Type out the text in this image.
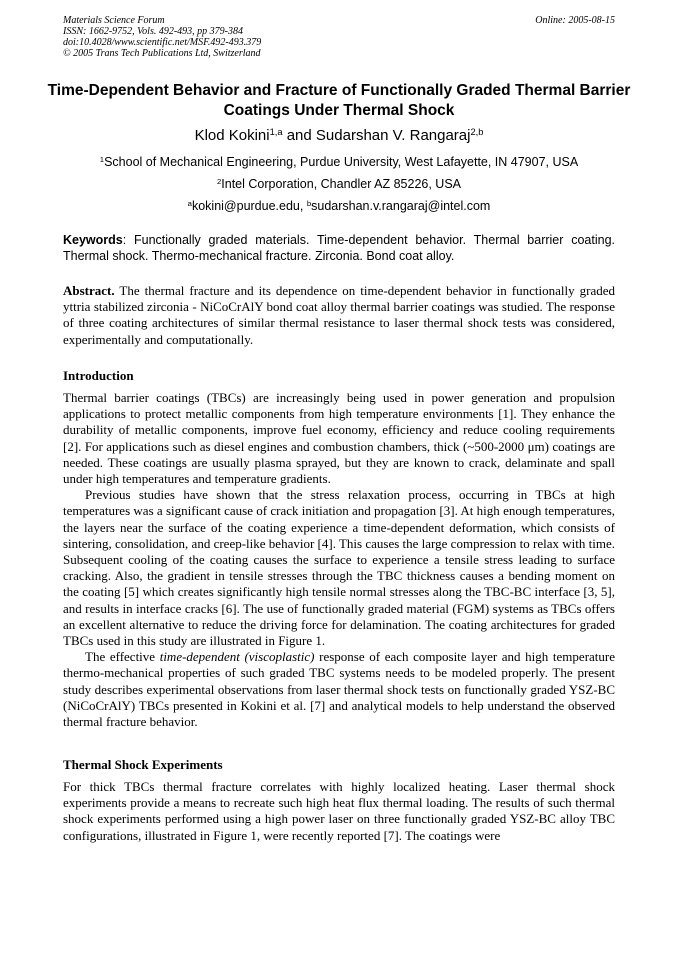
Materials Science Forum
ISSN: 1662-9752, Vols. 492-493, pp 379-384
doi:10.4028/www.scientific.net/MSF.492-493.379
© 2005 Trans Tech Publications Ltd, Switzerland
Online: 2005-08-15
Time-Dependent Behavior and Fracture of Functionally Graded Thermal Barrier Coatings Under Thermal Shock
Klod Kokini$^{1,a}$ and Sudarshan V. Rangaraj$^{2,b}$
$^1$School of Mechanical Engineering, Purdue University, West Lafayette, IN 47907, USA
$^2$Intel Corporation, Chandler AZ 85226, USA
$^a$kokini@purdue.edu, $^b$sudarshan.v.rangaraj@intel.com
Keywords: Functionally graded materials. Time-dependent behavior. Thermal barrier coating. Thermal shock. Thermo-mechanical fracture. Zirconia. Bond coat alloy.

Abstract. The thermal fracture and its dependence on time-dependent behavior in functionally graded yttria stabilized zirconia - NiCoCrAlY bond coat alloy thermal barrier coatings was studied. The response of three coating architectures of similar thermal resistance to laser thermal shock tests was considered, experimentally and computationally.

Introduction

Thermal barrier coatings (TBCs) are increasingly being used in power generation and propulsion applications to protect metallic components from high temperature environments [1]. They enhance the durability of metallic components, improve fuel economy, efficiency and reduce cooling requirements [2]. For applications such as diesel engines and combustion chambers, thick (~500-2000 μm) coatings are needed. These coatings are usually plasma sprayed, but they are known to crack, delaminate and spall under high temperatures and temperature gradients.

Previous studies have shown that the stress relaxation process, occurring in TBCs at high temperatures was a significant cause of crack initiation and propagation [3]. At high enough temperatures, the layers near the surface of the coating experience a time-dependent deformation, which consists of sintering, consolidation, and creep-like behavior [4]. This causes the large compression to relax with time. Subsequent cooling of the coating causes the surface to experience a tensile stress leading to surface cracking. Also, the gradient in tensile stresses through the TBC thickness causes a bending moment on the coating [5] which creates significantly high tensile normal stresses along the TBC-BC interface [3, 5], and results in interface cracks [6]. The use of functionally graded material (FGM) systems as TBCs offers an excellent alternative to reduce the driving force for delamination. The coating architectures for graded TBCs used in this study are illustrated in Figure 1.

The effective time-dependent (viscoplastic) response of each composite layer and high temperature thermo-mechanical properties of such graded TBC systems needs to be modeled properly. The present study describes experimental observations from laser thermal shock tests on functionally graded YSZ-BC (NiCoCrAlY) TBCs presented in Kokini et al. [7] and analytical models to help understand the observed thermal fracture behavior.

Thermal Shock Experiments

For thick TBCs thermal fracture correlates with highly localized heating. Laser thermal shock experiments provide a means to recreate such high heat flux thermal loading. The results of such thermal shock experiments performed using a high power laser on three functionally graded YSZ-BC alloy TBC configurations, illustrated in Figure 1, were recently reported [7]. The coatings were
